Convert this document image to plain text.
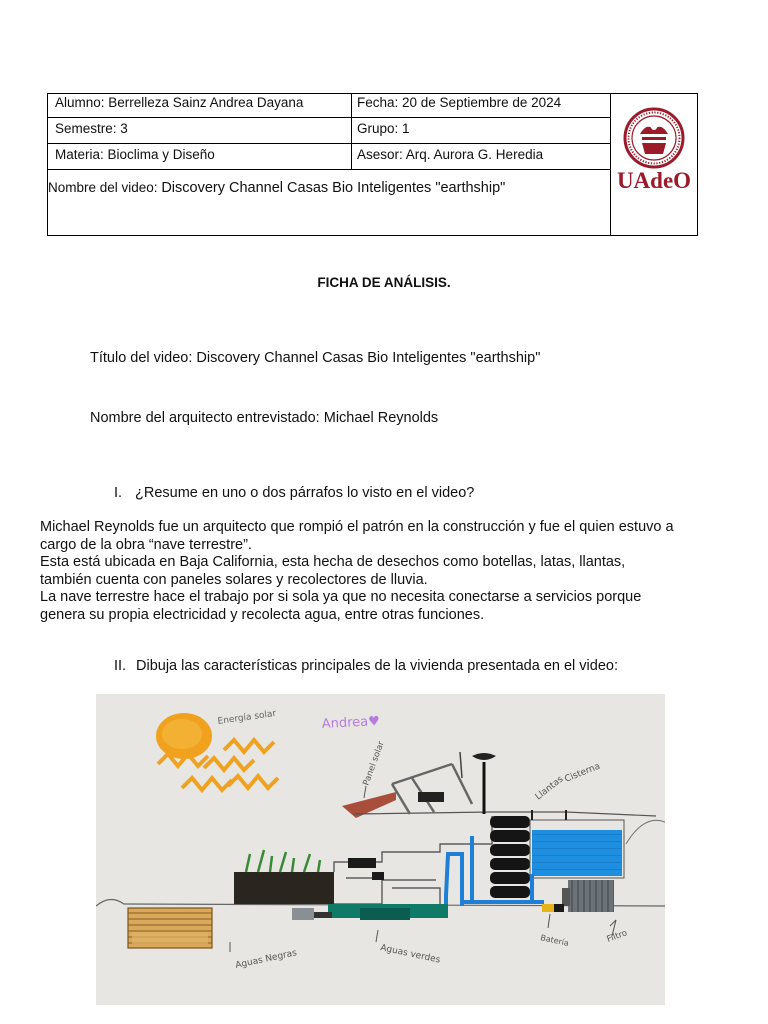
Alumno: Berrelleza Sainz Andrea Dayana	Fecha: 20 de Septiembre de 2024
Semestre: 3	Grupo: 1
Materia: Bioclima y Diseño	Asesor: Arq. Aurora G. Heredia
Nombre del video: Discovery Channel Casas Bio Inteligentes "earthship"	UAdeO
FICHA DE ANÁLISIS.
Título del video: Discovery Channel Casas Bio Inteligentes "earthship"
Nombre del arquitecto entrevistado: Michael Reynolds
I. ¿Resume en uno o dos párrafos lo visto en el video?
Michael Reynolds fue un arquitecto que rompió el patrón en la construcción y fue el quien estuvo a
cargo de la obra “nave terrestre”.
Esta está ubicada en Baja California, esta hecha de desechos como botellas, latas, llantas,
también cuenta con paneles solares y recolectores de lluvia.
La nave terrestre hace el trabajo por si sola ya que no necesita conectarse a servicios porque
genera su propia electricidad y recolecta agua, entre otras funciones.
II. Dibuja las características principales de la vivienda presentada en el video:
Energía solar	Andrea♥
Panel solar
Llantas
Cisterna
Batería	Filtro
Aguas Negras	Aguas verdes
